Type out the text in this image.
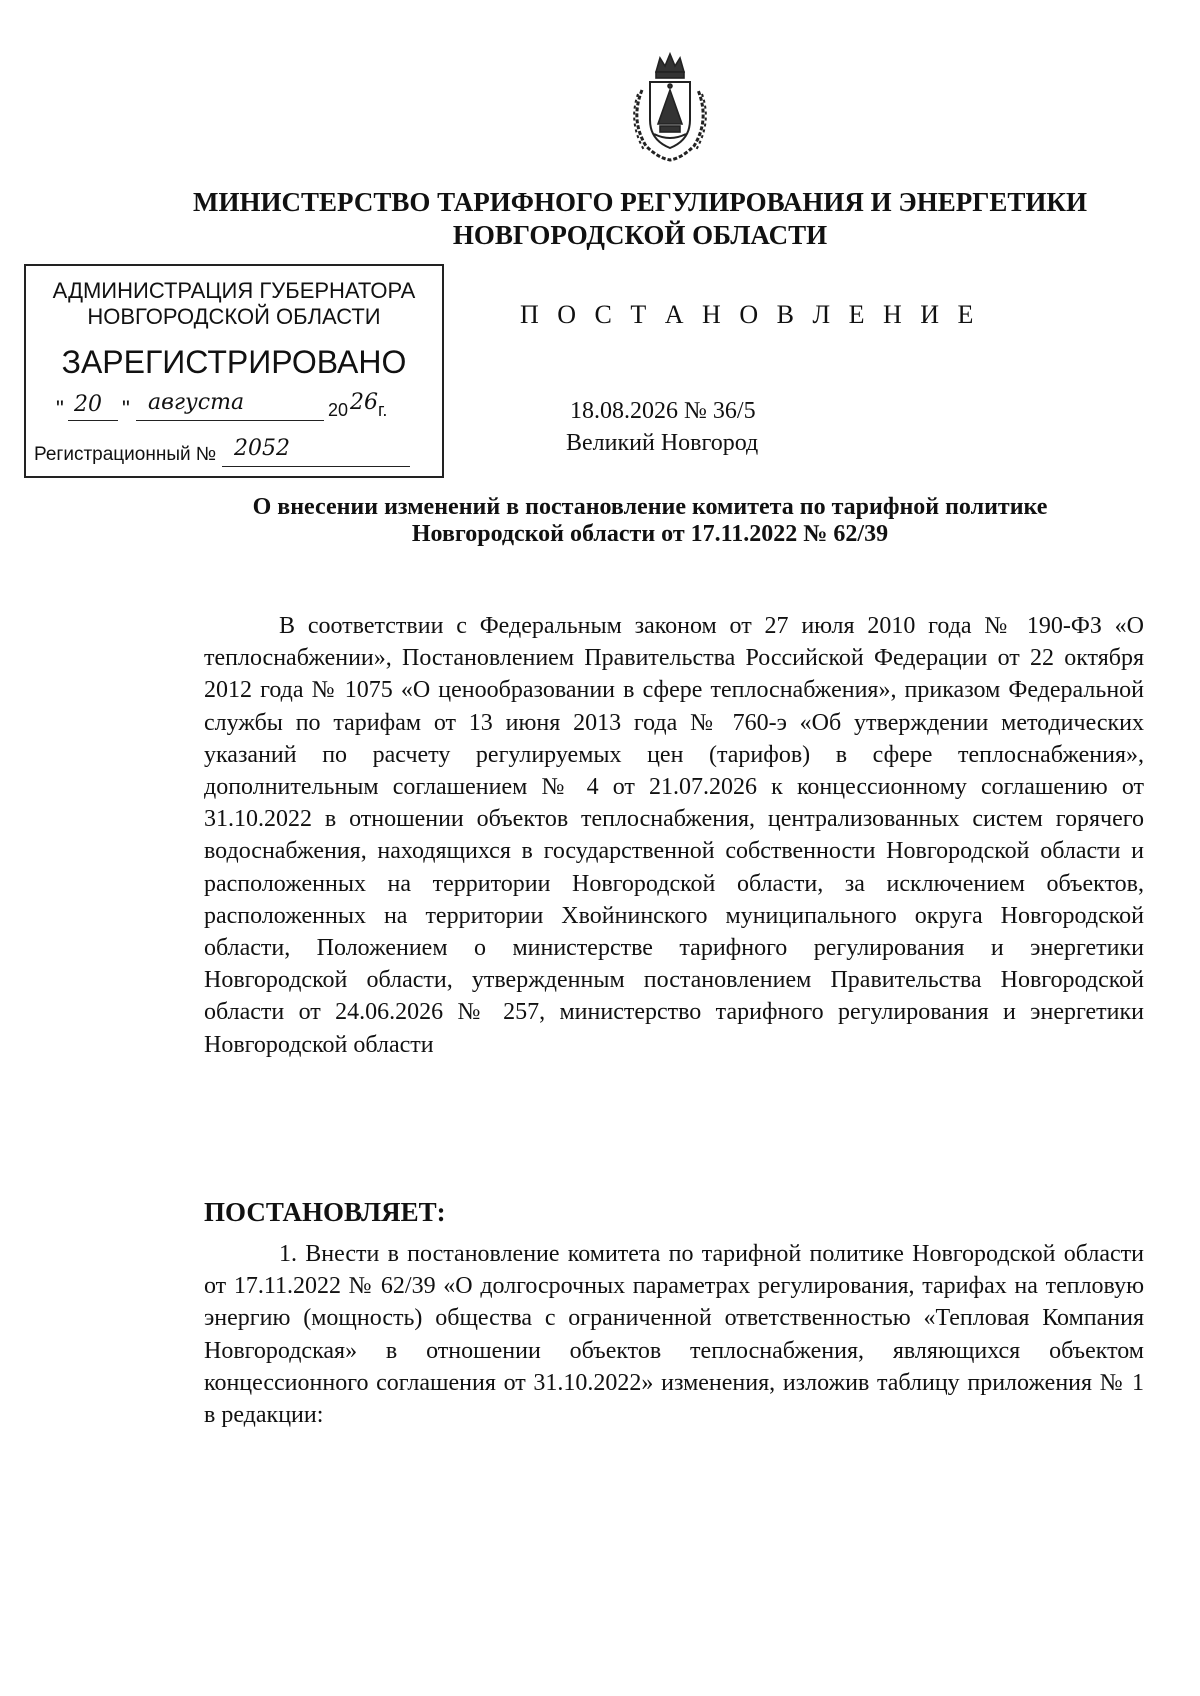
МИНИСТЕРСТВО ТАРИФНОГО РЕГУЛИРОВАНИЯ И ЭНЕРГЕТИКИ
НОВГОРОДСКОЙ ОБЛАСТИ
АДМИНИСТРАЦИЯ ГУБЕРНАТОРА
НОВГОРОДСКОЙ ОБЛАСТИ
ЗАРЕГИСТРИРОВАНО
" 20 " августа	20 26 г.
Регистрационный № 2052
П О С Т А Н О В Л Е Н И Е
18.08.2026 № 36/5
Великий Новгород
О внесении изменений в постановление комитета по тарифной политике
Новгородской области от 17.11.2022 № 62/39
В соответствии с Федеральным законом от 27 июля 2010 года № 190-ФЗ «О теплоснабжении», Постановлением Правительства Российской Федерации от 22 октября 2012 года № 1075 «О ценообразовании в сфере теплоснабжения», приказом Федеральной службы по тарифам от 13 июня 2013 года № 760-э «Об утверждении методических указаний по расчету регулируемых цен (тарифов) в сфере теплоснабжения», дополнительным соглашением № 4 от 21.07.2026 к концессионному соглашению от 31.10.2022 в отношении объектов теплоснабжения, централизованных систем горячего водоснабжения, находящихся в государственной собственности Новгородской области и расположенных на территории Новгородской области, за исключением объектов, расположенных на территории Хвойнинского муниципального округа Новгородской области, Положением о министерстве тарифного регулирования и энергетики Новгородской области, утвержденным постановлением Правительства Новгородской области от 24.06.2026 № 257, министерство тарифного регулирования и энергетики Новгородской области
ПОСТАНОВЛЯЕТ:
1. Внести в постановление комитета по тарифной политике Новгородской области от 17.11.2022 № 62/39 «О долгосрочных параметрах регулирования, тарифах на тепловую энергию (мощность) общества с ограниченной ответственностью «Тепловая Компания Новгородская» в отношении объектов теплоснабжения, являющихся объектом концессионного соглашения от 31.10.2022» изменения, изложив таблицу приложения № 1 в редакции:
